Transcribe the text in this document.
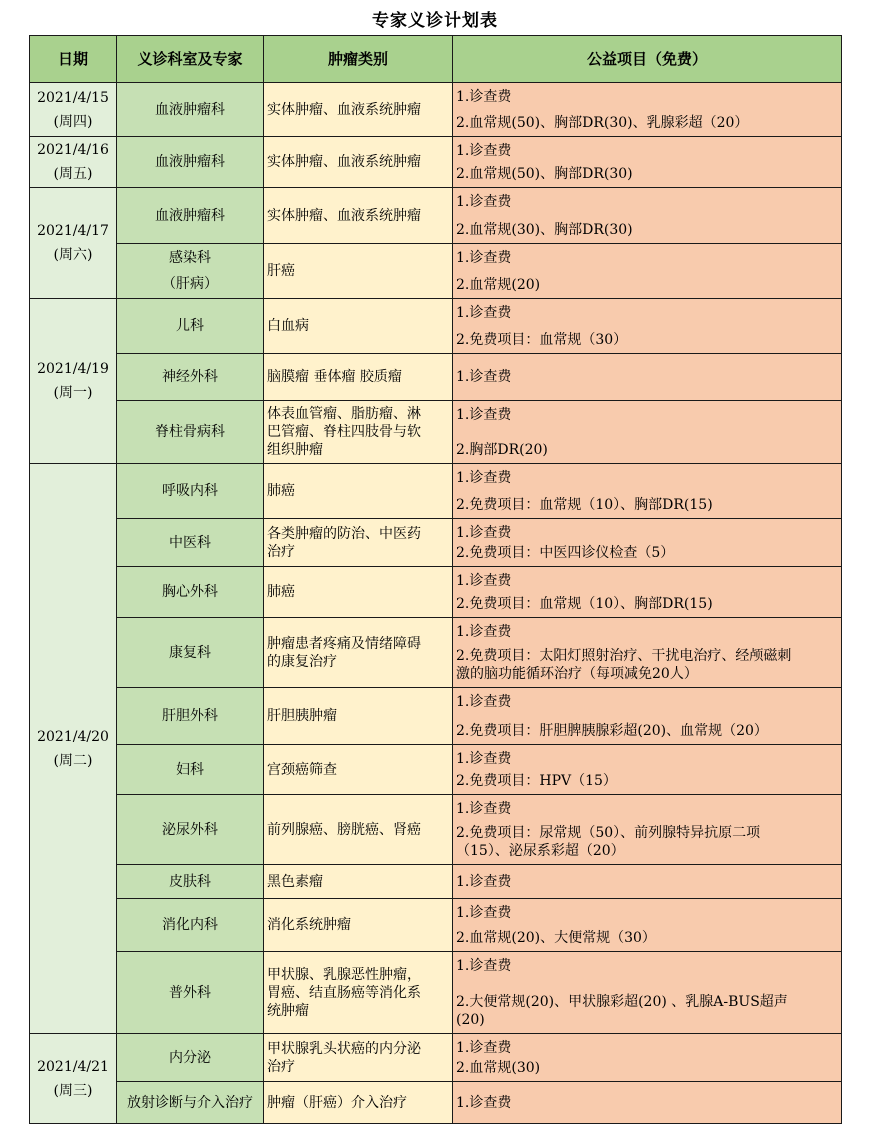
专家义诊计划表
日期	义诊科室及专家	肿瘤类别	公益项目（免费）

2021/4/15
(周四)	血液肿瘤科	实体肿瘤、血液系统肿瘤	1.诊查费
2.血常规(50)、胸部DR(30)、乳腺彩超（20）

2021/4/16
(周五)	血液肿瘤科	实体肿瘤、血液系统肿瘤	1.诊查费
2.血常规(50)、胸部DR(30)

2021/4/17
(周六)	血液肿瘤科	实体肿瘤、血液系统肿瘤	1.诊查费
2.血常规(30)、胸部DR(30)

	感染科
（肝病）	肝癌	1.诊查费
2.血常规(20)

2021/4/19
(周一)	儿科	白血病	1.诊查费
2.免费项目：血常规（30）

	神经外科	脑膜瘤 垂体瘤 胶质瘤	1.诊查费

	脊柱骨病科	体表血管瘤、脂肪瘤、淋
巴管瘤、脊柱四肢骨与软
组织肿瘤	1.诊查费
2.胸部DR(20)

2021/4/20
(周二)	呼吸内科	肺癌	1.诊查费
2.免费项目：血常规（10）、胸部DR(15)

	中医科	各类肿瘤的防治、中医药
治疗	1.诊查费
2.免费项目：中医四诊仪检查（5）

	胸心外科	肺癌	1.诊查费
2.免费项目：血常规（10）、胸部DR(15)

	康复科	肿瘤患者疼痛及情绪障碍
的康复治疗	1.诊查费
2.免费项目：太阳灯照射治疗、干扰电治疗、经颅磁刺
激的脑功能循环治疗（每项减免20人）

	肝胆外科	肝胆胰肿瘤	1.诊查费
2.免费项目：肝胆脾胰腺彩超(20)、血常规（20）

	妇科	宫颈癌筛查	1.诊查费
2.免费项目：HPV（15）

	泌尿外科	前列腺癌、膀胱癌、肾癌	1.诊查费
2.免费项目：尿常规（50）、前列腺特异抗原二项
（15）、泌尿系彩超（20）

	皮肤科	黑色素瘤	1.诊查费

	消化内科	消化系统肿瘤	1.诊查费
2.血常规(20)、大便常规（30）

	普外科	甲状腺、乳腺恶性肿瘤，
胃癌、结直肠癌等消化系
统肿瘤	1.诊查费
2.大便常规(20)、甲状腺彩超(20) 、乳腺A-BUS超声
(20)

2021/4/21
(周三)	内分泌	甲状腺乳头状癌的内分泌
治疗	1.诊查费
2.血常规(30)

	放射诊断与介入治疗	肿瘤（肝癌）介入治疗	1.诊查费
